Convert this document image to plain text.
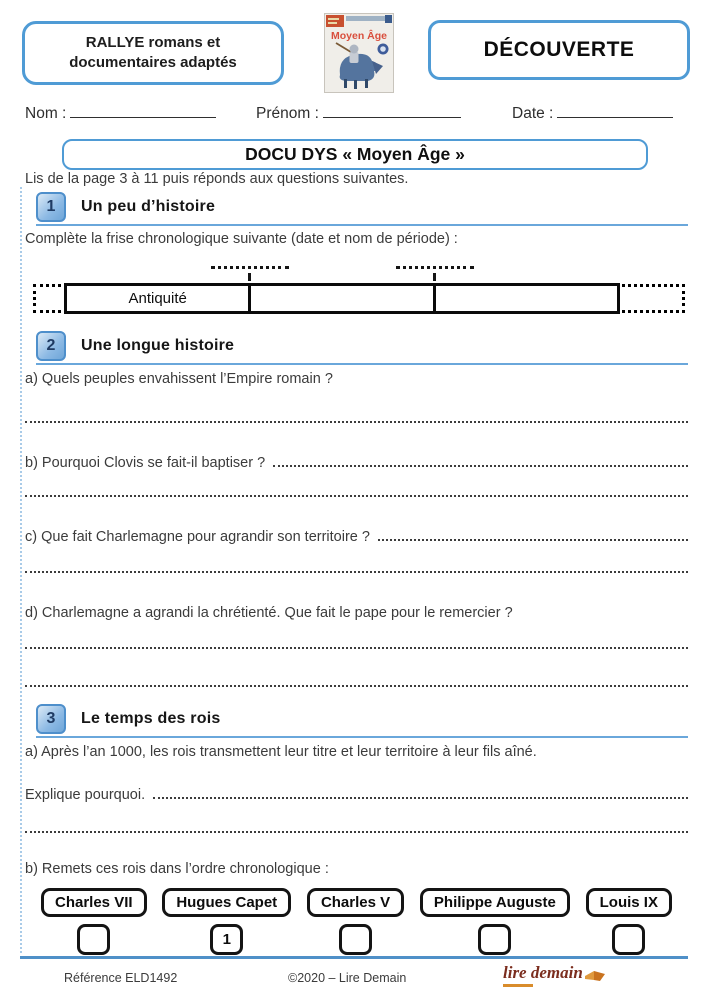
RALLYE romans et
documentaires adaptés
Moyen Âge
DÉCOUVERTE
Nom :	Prénom :	Date :
DOCU DYS « Moyen Âge »
Lis de la page 3 à 11 puis réponds aux questions suivantes.
1 Un peu d’histoire
Complète la frise chronologique suivante (date et nom de période) :
Antiquité
2 Une longue histoire
a) Quels peuples envahissent l’Empire romain ?
b) Pourquoi Clovis se fait-il baptiser ?
c) Que fait Charlemagne pour agrandir son territoire ?
d) Charlemagne a agrandi la chrétienté. Que fait le pape pour le remercier ?
3 Le temps des rois
a) Après l’an 1000, les rois transmettent leur titre et leur territoire à leur fils aîné.
Explique pourquoi.
b) Remets ces rois dans l’ordre chronologique :
Charles VII	Hugues Capet
1
Charles V	Philippe Auguste	Louis IX
Référence ELD1492	©2020 – Lire Demain	lire demain
